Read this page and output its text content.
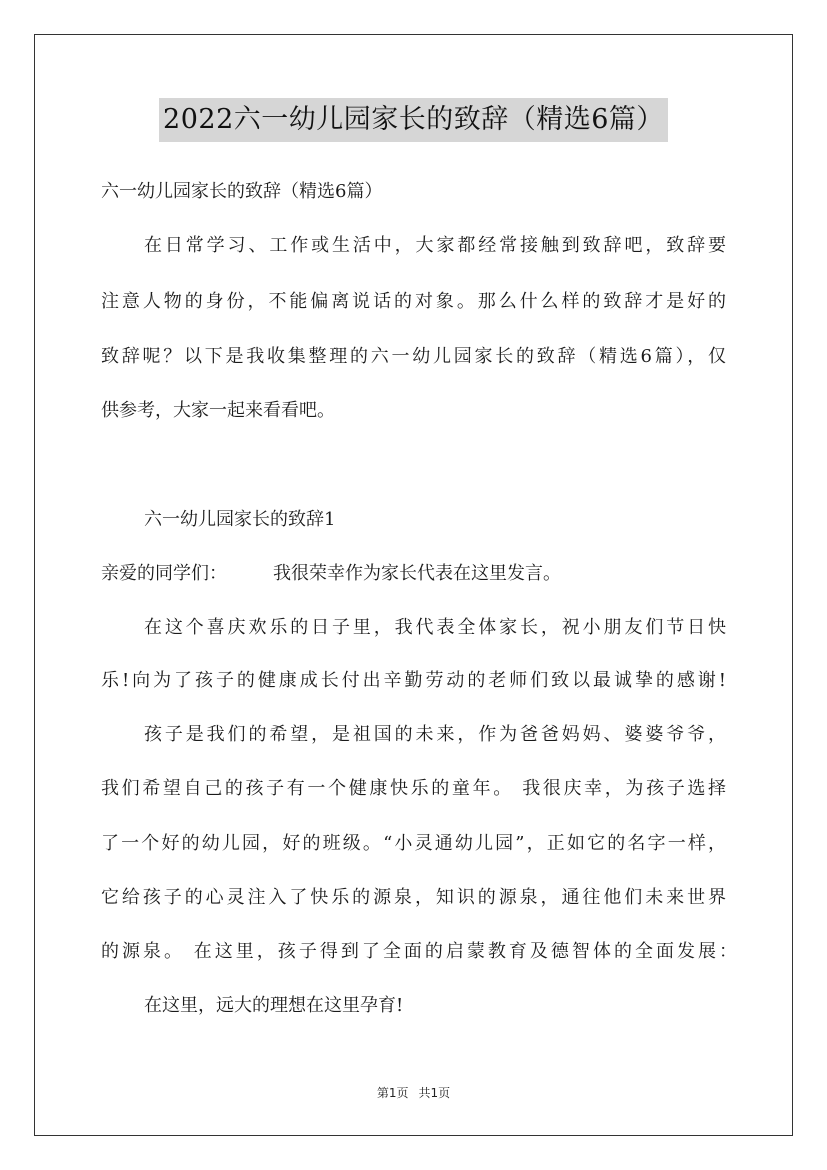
2022六一幼儿园家长的致辞（精选6篇）
六一幼儿园家长的致辞（精选6篇）
在日常学习、工作或生活中，大家都经常接触到致辞吧，致辞要
注意人物的身份，不能偏离说话的对象。那么什么样的致辞才是好的
致辞呢？以下是我收集整理的六一幼儿园家长的致辞（精选6篇），仅
供参考，大家一起来看看吧。
六一幼儿园家长的致辞1
亲爱的同学们：	我很荣幸作为家长代表在这里发言。
在这个喜庆欢乐的日子里，我代表全体家长，祝小朋友们节日快
乐!向为了孩子的健康成长付出辛勤劳动的老师们致以最诚挚的感谢!
孩子是我们的希望，是祖国的未来，作为爸爸妈妈、婆婆爷爷，
我们希望自己的孩子有一个健康快乐的童年。 我很庆幸，为孩子选择
了一个好的幼儿园，好的班级。“小灵通幼儿园”，正如它的名字一样，
它给孩子的心灵注入了快乐的源泉，知识的源泉，通往他们未来世界
的源泉。 在这里，孩子得到了全面的启蒙教育及德智体的全面发展：
在这里，远大的理想在这里孕育!
第1页 共1页
